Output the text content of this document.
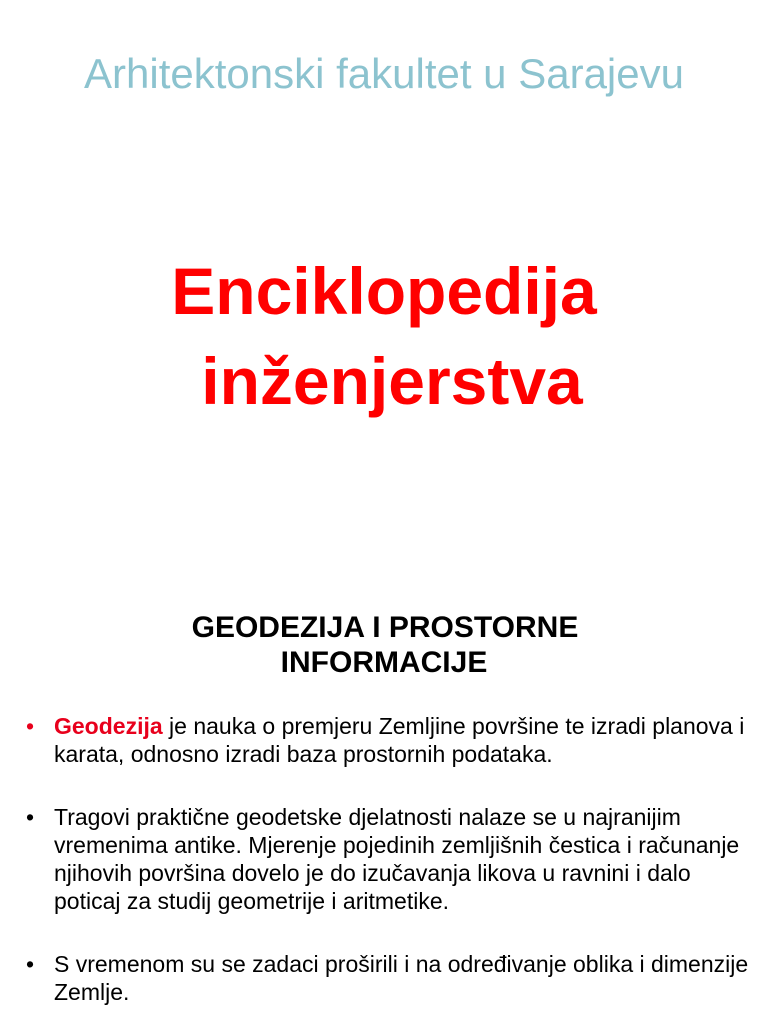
Arhitektonski fakultet u Sarajevu
Enciklopedija
inženjerstva
GEODEZIJA I PROSTORNE
INFORMACIJE
• Geodezija je nauka o premjeru Zemljine površine te izradi planova i karata, odnosno izradi baza prostornih podataka.
• Tragovi praktične geodetske djelatnosti nalaze se u najranijim vremenima antike. Mjerenje pojedinih zemljišnih čestica i računanje njihovih površina dovelo je do izučavanja likova u ravnini i dalo poticaj za studij geometrije i aritmetike.
• S vremenom su se zadaci proširili i na određivanje oblika i dimenzije Zemlje.
